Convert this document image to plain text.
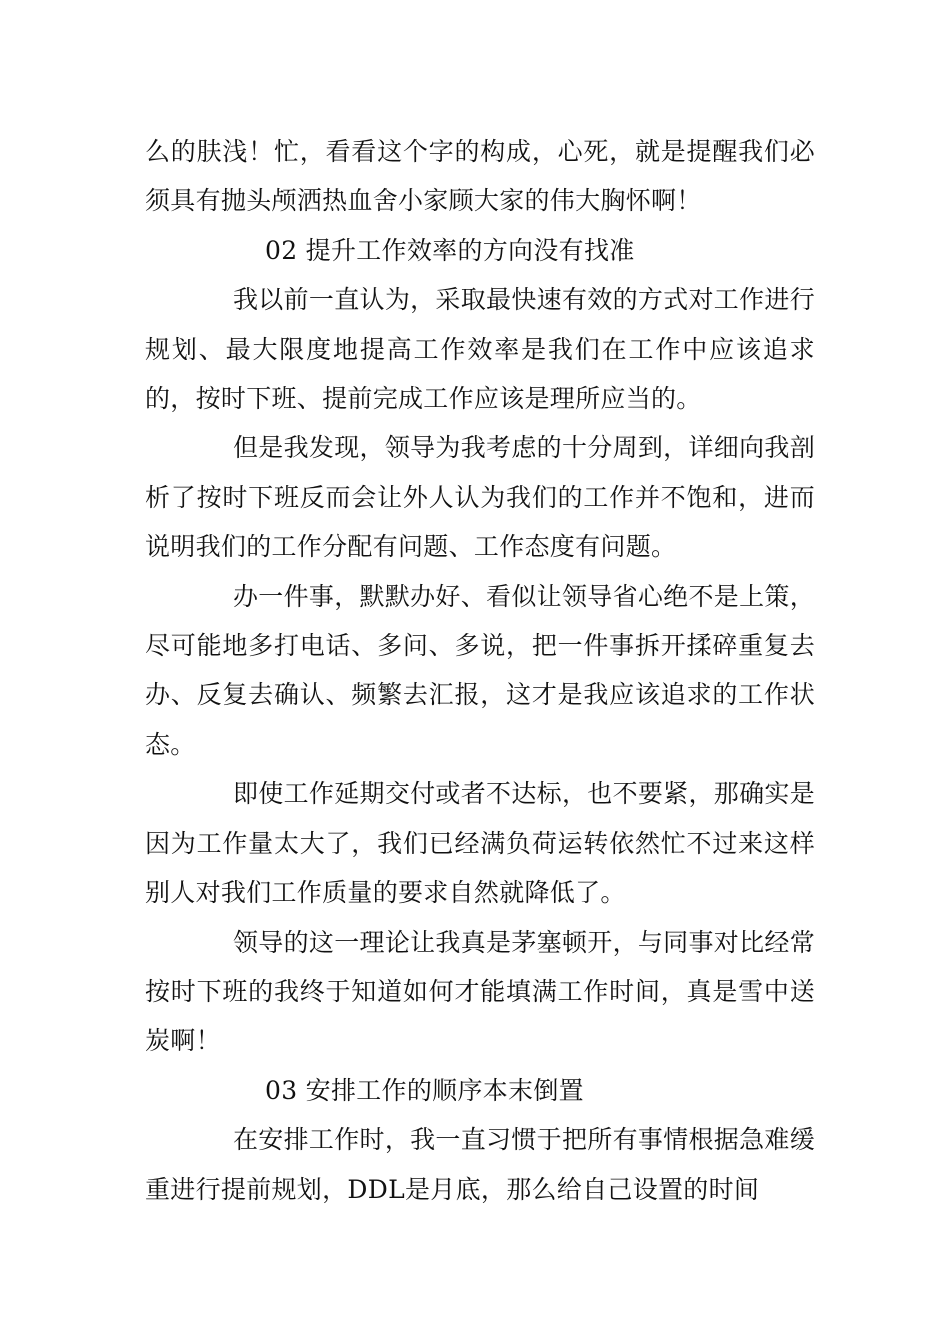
么的肤浅！忙，看看这个字的构成，心死，就是提醒我们必须具有抛头颅洒热血舍小家顾大家的伟大胸怀啊！

02 提升工作效率的方向没有找准

我以前一直认为，采取最快速有效的方式对工作进行规划、最大限度地提高工作效率是我们在工作中应该追求的，按时下班、提前完成工作应该是理所应当的。

但是我发现，领导为我考虑的十分周到，详细向我剖析了按时下班反而会让外人认为我们的工作并不饱和，进而说明我们的工作分配有问题、工作态度有问题。

办一件事，默默办好、看似让领导省心绝不是上策，尽可能地多打电话、多问、多说，把一件事拆开揉碎重复去办、反复去确认、频繁去汇报，这才是我应该追求的工作状态。

即使工作延期交付或者不达标，也不要紧，那确实是因为工作量太大了，我们已经满负荷运转依然忙不过来这样别人对我们工作质量的要求自然就降低了。

领导的这一理论让我真是茅塞顿开，与同事对比经常按时下班的我终于知道如何才能填满工作时间，真是雪中送炭啊！

03 安排工作的顺序本末倒置

在安排工作时，我一直习惯于把所有事情根据急难缓重进行提前规划，DDL是月底，那么给自己设置的时间
